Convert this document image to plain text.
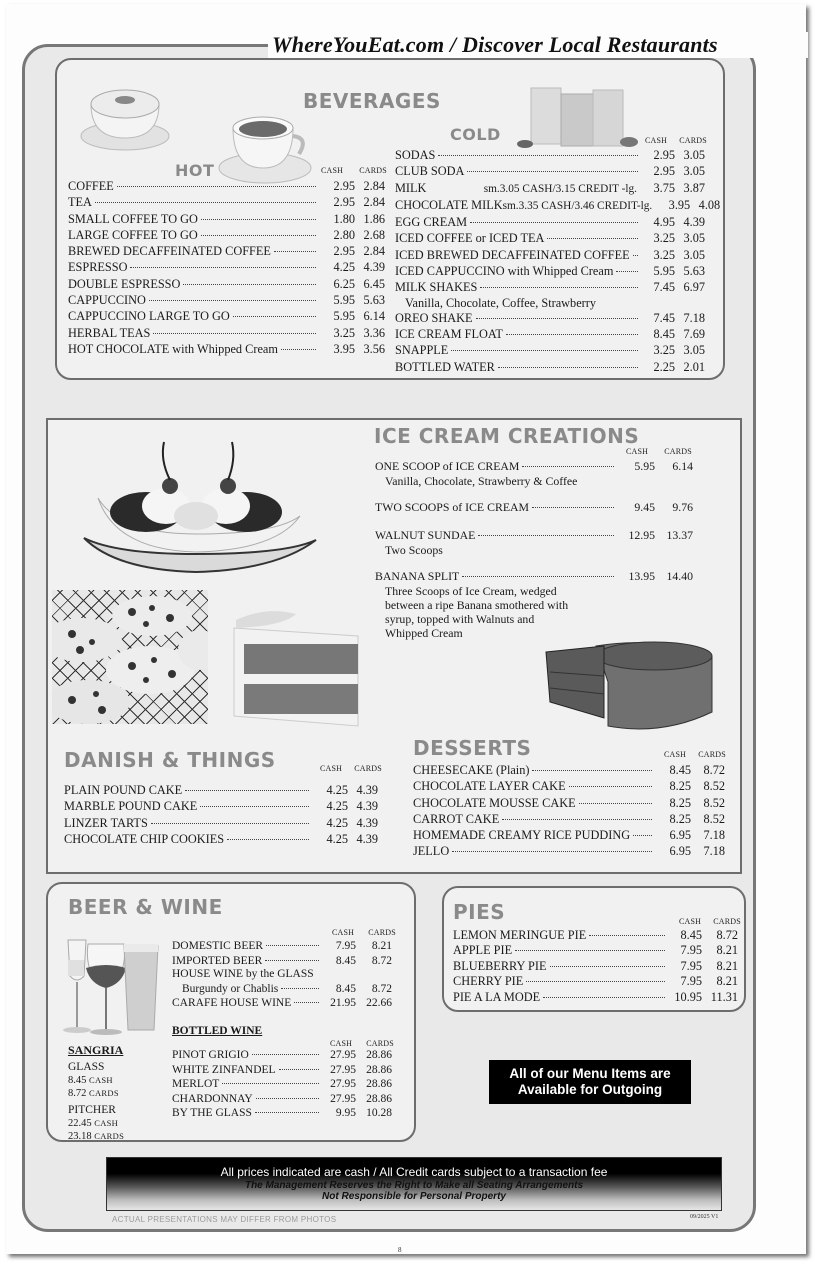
WhereYouEat.com / Discover Local Restaurants
BEVERAGES
HOT
COLD
CASH CARDS
COFFEE	2.95 2.84
TEA	2.95 2.84
SMALL COFFEE TO GO	1.80 1.86
LARGE COFFEE TO GO	2.80 2.68
BREWED DECAFFEINATED COFFEE	2.95 2.84
ESPRESSO	4.25 4.39
DOUBLE ESPRESSO	6.25 6.45
CAPPUCCINO	5.95 5.63
CAPPUCCINO LARGE TO GO	5.95 6.14
HERBAL TEAS	3.25 3.36
HOT CHOCOLATE with Whipped Cream	3.95 3.56
CASH CARDS
SODAS	2.95 3.05
CLUB SODA	2.95 3.05
MILK	sm.3.05 CASH/3.15 CREDIT -lg.	3.75 3.87
CHOCOLATE MILK sm.3.35 CASH/3.46 CREDIT-lg.	3.95 4.08
EGG CREAM	4.95 4.39
ICED COFFEE or ICED TEA	3.25 3.05
ICED BREWED DECAFFEINATED COFFEE	3.25 3.05
ICED CAPPUCCINO with Whipped Cream	5.95 5.63
MILK SHAKES	7.45 6.97
Vanilla, Chocolate, Coffee, Strawberry
OREO SHAKE	7.45 7.18
ICE CREAM FLOAT	8.45 7.69
SNAPPLE	3.25 3.05
BOTTLED WATER	2.25 2.01
ICE CREAM CREATIONS
CASH CARDS
ONE SCOOP of ICE CREAM	5.95	6.14
Vanilla, Chocolate, Strawberry & Coffee
TWO SCOOPS of ICE CREAM	9.45	9.76
WALNUT SUNDAE	12.95 13.37
Two Scoops
BANANA SPLIT	13.95 14.40
Three Scoops of Ice Cream, wedged
between a ripe Banana smothered with
syrup, topped with Walnuts and
Whipped Cream
DANISH & THINGS	CASH CARDS
PLAIN POUND CAKE	4.25 4.39
MARBLE POUND CAKE	4.25 4.39
LINZER TARTS	4.25 4.39
CHOCOLATE CHIP COOKIES	4.25 4.39
DESSERTS	CASH CARDS
CHEESECAKE (Plain)	8.45	8.72
CHOCOLATE LAYER CAKE	8.25	8.52
CHOCOLATE MOUSSE CAKE	8.25	8.52
CARROT CAKE	8.25	8.52
HOMEMADE CREAMY RICE PUDDING	6.95	7.18
JELLO	6.95	7.18
BEER & WINE
CASH CARDS
DOMESTIC BEER	7.95	8.21
IMPORTED BEER	8.45	8.72
HOUSE WINE by the GLASS
Burgundy or Chablis	8.45	8.72
CARAFE HOUSE WINE	21.95 22.66
BOTTLED WINE
CASH CARDS
PINOT GRIGIO	27.95 28.86
WHITE ZINFANDEL	27.95 28.86
MERLOT	27.95 28.86
CHARDONNAY	27.95 28.86
BY THE GLASS	9.95 10.28
SANGRIA
GLASS
8.45 CASH
8.72 CARDS
PITCHER
22.45 CASH
23.18 CARDS
PIES	CASH CARDS
LEMON MERINGUE PIE	8.45	8.72
APPLE PIE	7.95	8.21
BLUEBERRY PIE	7.95	8.21
CHERRY PIE	7.95	8.21
PIE A LA MODE	10.95 11.31
All of our Menu Items are
Available for Outgoing
All prices indicated are cash / All Credit cards subject to a transaction fee
The Management Reserves the Right to Make all Seating Arrangements
Not Responsible for Personal Property
ACTUAL PRESENTATIONS MAY DIFFER FROM PHOTOS	09/2025 V1
8
